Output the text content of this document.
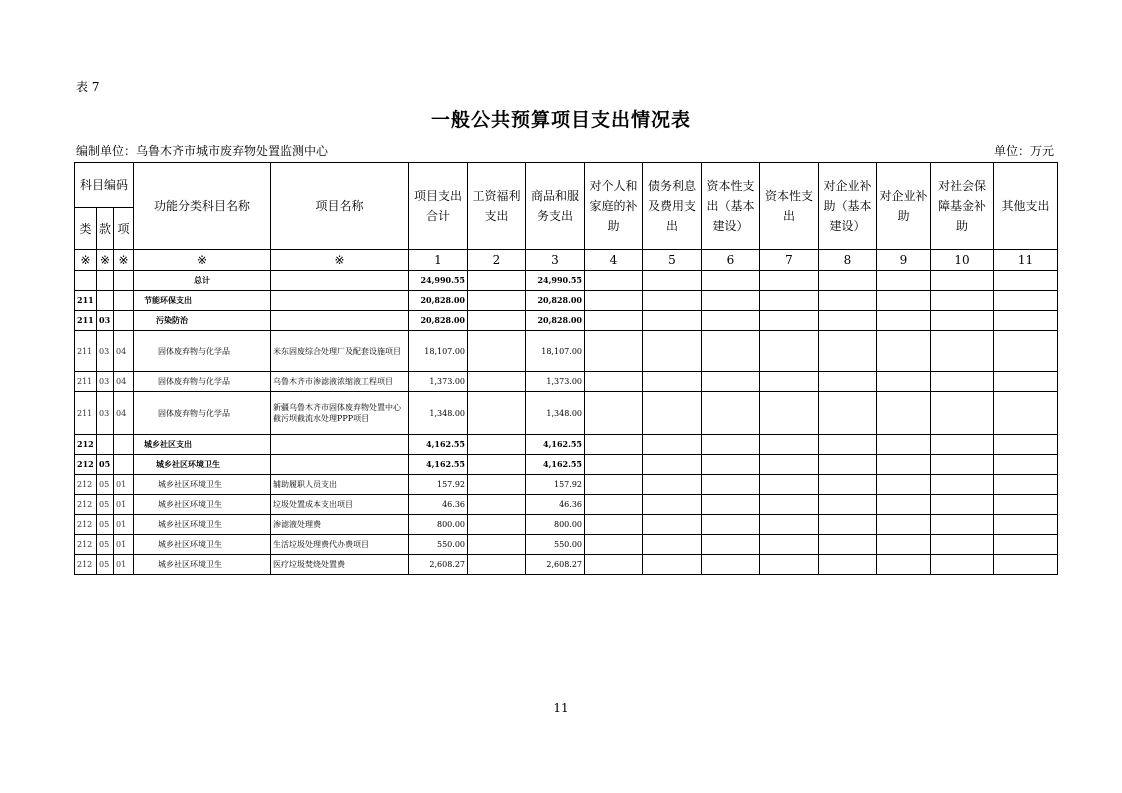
表 7
一般公共预算项目支出情况表
编制单位：乌鲁木齐市城市废弃物处置监测中心	单位：万元
科目编码			功能分类科目名称	项目名称	项目支出合计	工资福利支出	商品和服务支出	对个人和家庭的补助	债务利息及费用支出	资本性支出（基本建设）	资本性支出	对企业补助（基本建设）	对企业补助	对社会保障基金补助	其他支出
类	款	项													
※	※	※	※	※	1	2	3	4	5	6	7	8	9	10	11
			总计		24,990.55		24,990.55								
211			节能环保支出		20,828.00		20,828.00								
211	03		污染防治		20,828.00		20,828.00								
211	03	04	固体废弃物与化学品	米东固废综合处理厂及配套设施项目	18,107.00		18,107.00								
211	03	04	固体废弃物与化学品	乌鲁木齐市渗滤液浓缩液工程项目	1,373.00		1,373.00								
211	03	04	固体废弃物与化学品	新疆乌鲁木齐市固体废弃物处置中心截污坝截流水处理PPP项目	1,348.00		1,348.00								
212			城乡社区支出		4,162.55		4,162.55								
212	05		城乡社区环境卫生		4,162.55		4,162.55								
212	05	01	城乡社区环境卫生	辅助履职人员支出	157.92		157.92								
212	05	01	城乡社区环境卫生	垃圾处置成本支出项目	46.36		46.36								
212	05	01	城乡社区环境卫生	渗滤液处理费	800.00		800.00								
212	05	01	城乡社区环境卫生	生活垃圾处理费代办费项目	550.00		550.00								
212	05	01	城乡社区环境卫生	医疗垃圾焚烧处置费	2,608.27		2,608.27								
11
